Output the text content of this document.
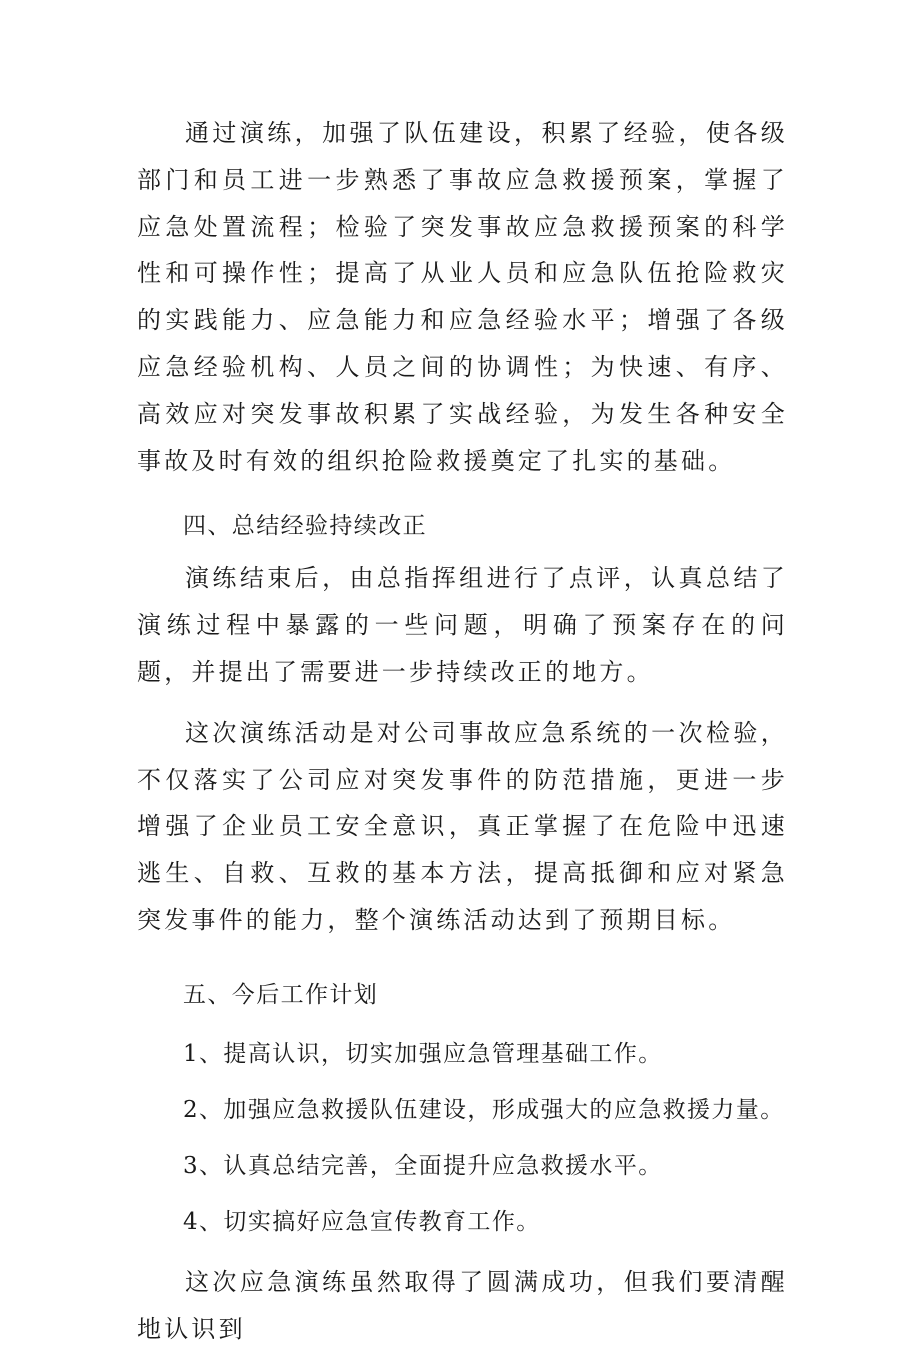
通过演练，加强了队伍建设，积累了经验，使各级部门和员工进一步熟悉了事故应急救援预案，掌握了应急处置流程；检验了突发事故应急救援预案的科学性和可操作性；提高了从业人员和应急队伍抢险救灾的实践能力、应急能力和应急经验水平；增强了各级应急经验机构、人员之间的协调性；为快速、有序、高效应对突发事故积累了实战经验，为发生各种安全事故及时有效的组织抢险救援奠定了扎实的基础。

四、总结经验持续改正

演练结束后，由总指挥组进行了点评，认真总结了演练过程中暴露的一些问题，明确了预案存在的问题，并提出了需要进一步持续改正的地方。

这次演练活动是对公司事故应急系统的一次检验，不仅落实了公司应对突发事件的防范措施，更进一步增强了企业员工安全意识，真正掌握了在危险中迅速逃生、自救、互救的基本方法，提高抵御和应对紧急突发事件的能力，整个演练活动达到了预期目标。

五、今后工作计划

1、提高认识，切实加强应急管理基础工作。

2、加强应急救援队伍建设，形成强大的应急救援力量。

3、认真总结完善，全面提升应急救援水平。

4、切实搞好应急宣传教育工作。

这次应急演练虽然取得了圆满成功，但我们要清醒地认识到
